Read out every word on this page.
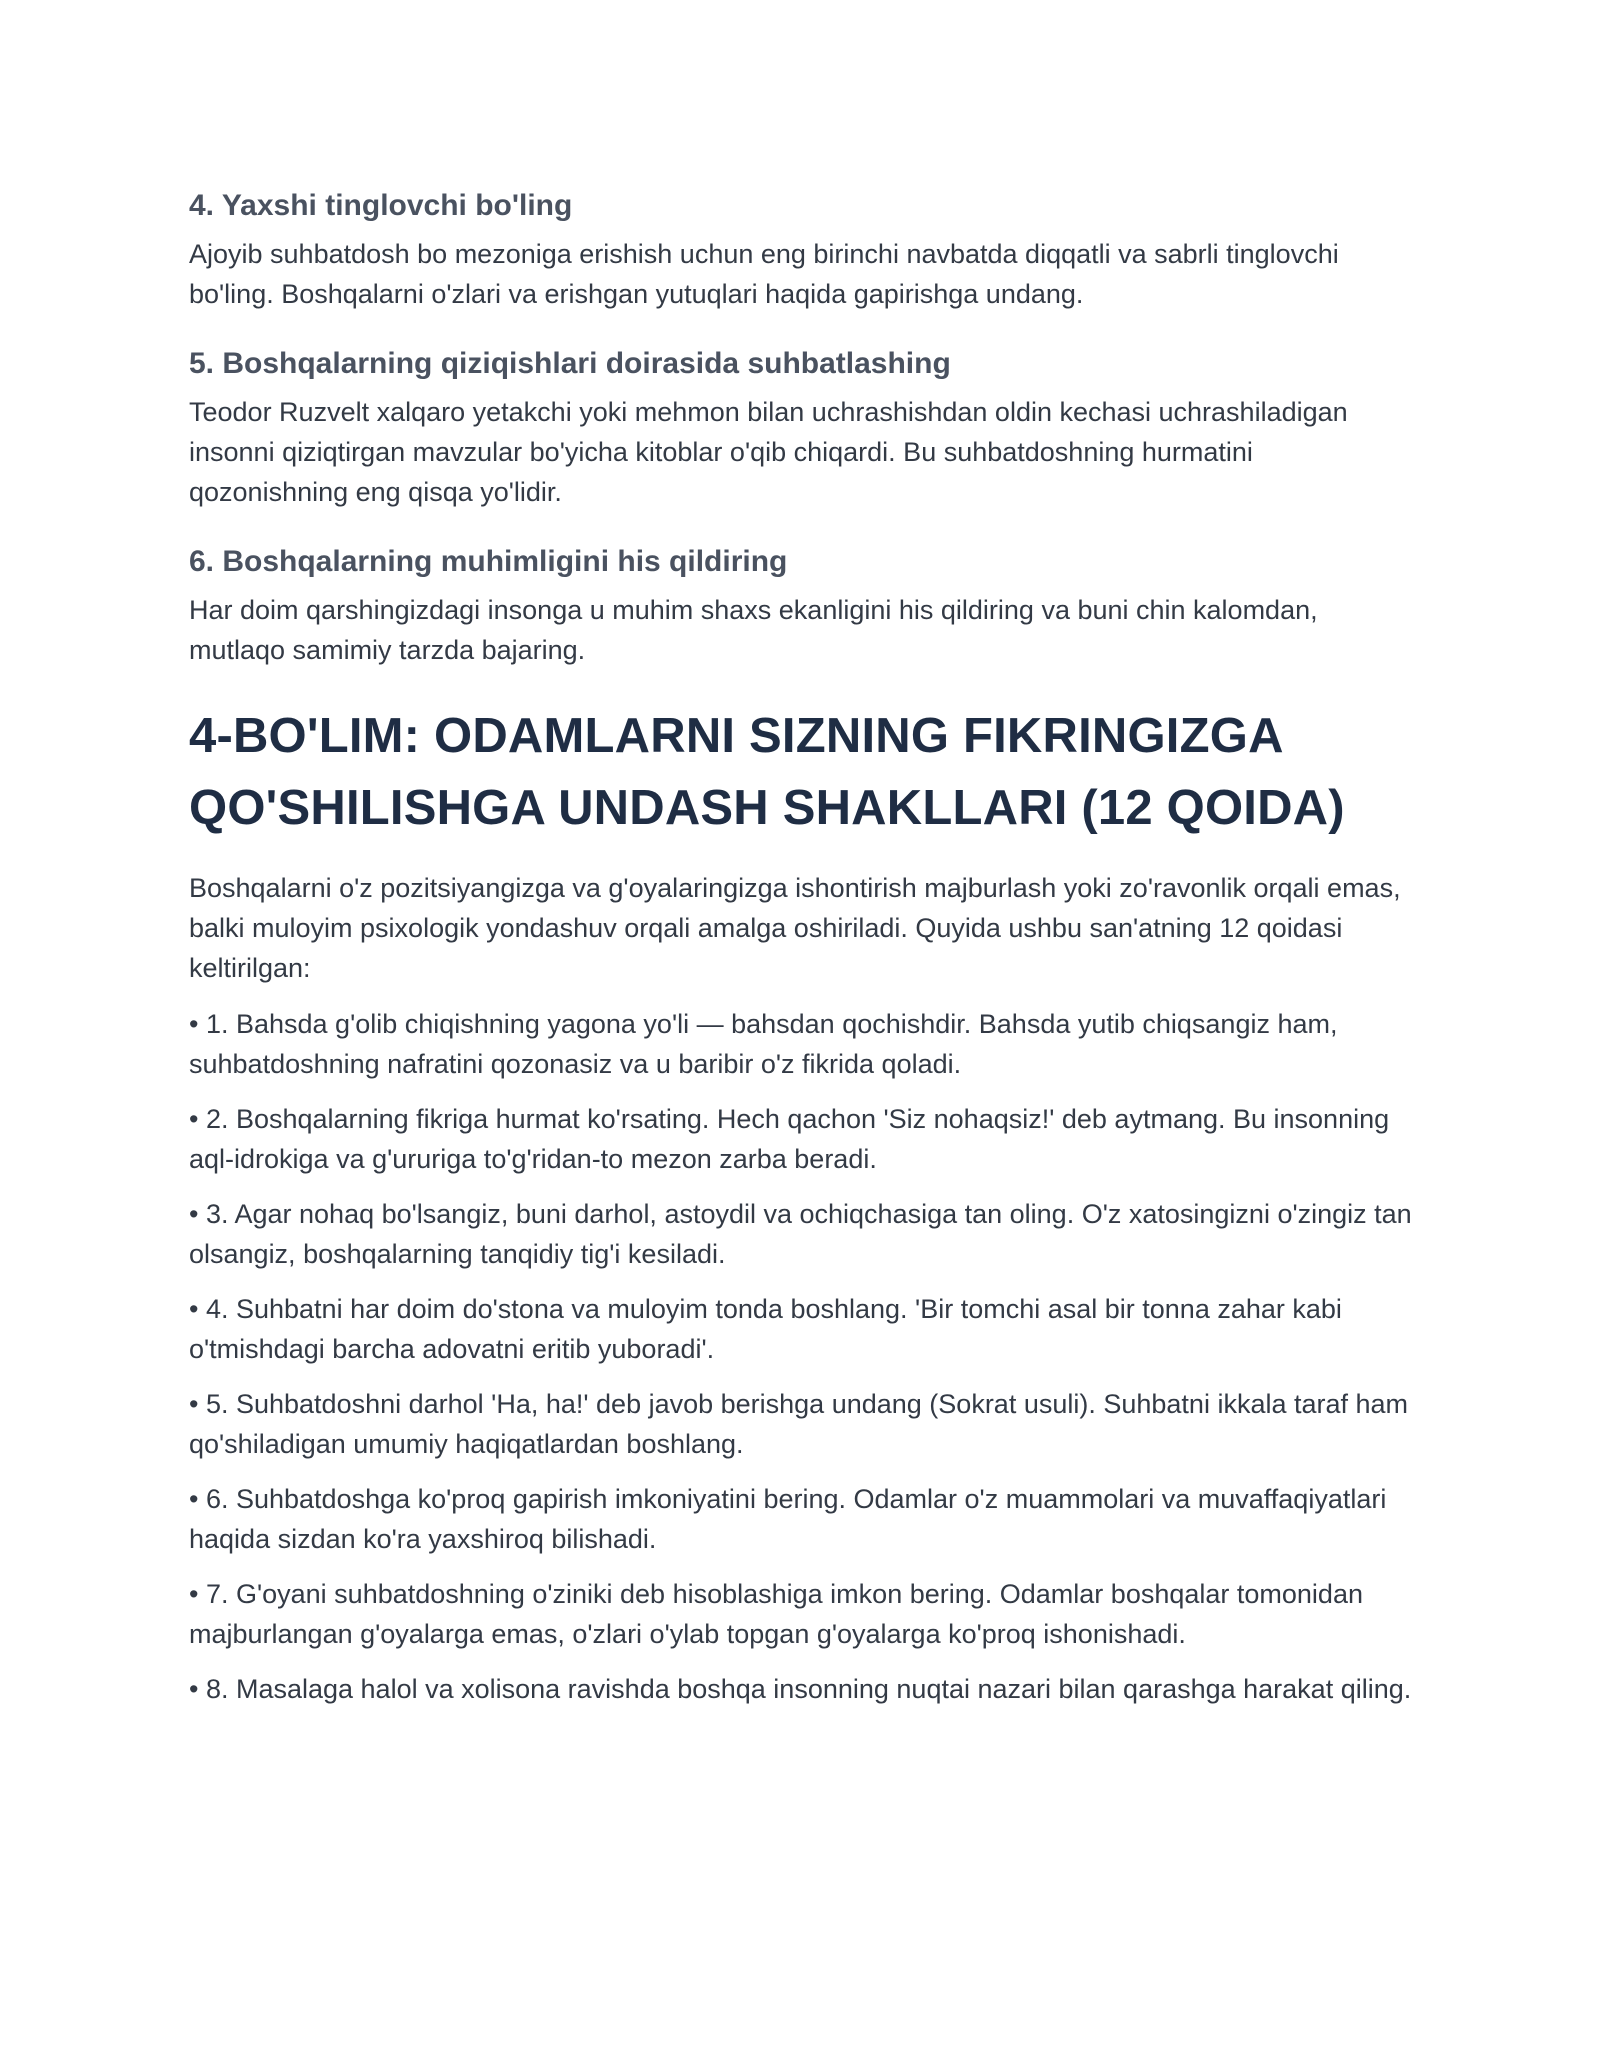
4. Yaxshi tinglovchi bo'ling

Ajoyib suhbatdosh bo mezoniga erishish uchun eng birinchi navbatda diqqatli va sabrli tinglovchi bo'ling. Boshqalarni o'zlari va erishgan yutuqlari haqida gapirishga undang.

5. Boshqalarning qiziqishlari doirasida suhbatlashing

Teodor Ruzvelt xalqaro yetakchi yoki mehmon bilan uchrashishdan oldin kechasi uchrashiladigan insonni qiziqtirgan mavzular bo'yicha kitoblar o'qib chiqardi. Bu suhbatdoshning hurmatini qozonishning eng qisqa yo'lidir.

6. Boshqalarning muhimligini his qildiring

Har doim qarshingizdagi insonga u muhim shaxs ekanligini his qildiring va buni chin kalomdan, mutlaqo samimiy tarzda bajaring.

4-BO'LIM: ODAMLARNI SIZNING FIKRINGIZGA QO'SHILISHGA UNDASH SHAKLLARI (12 QOIDA)

Boshqalarni o'z pozitsiyangizga va g'oyalaringizga ishontirish majburlash yoki zo'ravonlik orqali emas, balki muloyim psixologik yondashuv orqali amalga oshiriladi. Quyida ushbu san'atning 12 qoidasi keltirilgan:

• 1. Bahsda g'olib chiqishning yagona yo'li — bahsdan qochishdir. Bahsda yutib chiqsangiz ham, suhbatdoshning nafratini qozonasiz va u baribir o'z fikrida qoladi.

• 2. Boshqalarning fikriga hurmat ko'rsating. Hech qachon 'Siz nohaqsiz!' deb aytmang. Bu insonning aql-idrokiga va g'ururiga to'g'ridan-to mezon zarba beradi.

• 3. Agar nohaq bo'lsangiz, buni darhol, astoydil va ochiqchasiga tan oling. O'z xatosingizni o'zingiz tan olsangiz, boshqalarning tanqidiy tig'i kesiladi.

• 4. Suhbatni har doim do'stona va muloyim tonda boshlang. 'Bir tomchi asal bir tonna zahar kabi o'tmishdagi barcha adovatni eritib yuboradi'.

• 5. Suhbatdoshni darhol 'Ha, ha!' deb javob berishga undang (Sokrat usuli). Suhbatni ikkala taraf ham qo'shiladigan umumiy haqiqatlardan boshlang.

• 6. Suhbatdoshga ko'proq gapirish imkoniyatini bering. Odamlar o'z muammolari va muvaffaqiyatlari haqida sizdan ko'ra yaxshiroq bilishadi.

• 7. G'oyani suhbatdoshning o'ziniki deb hisoblashiga imkon bering. Odamlar boshqalar tomonidan majburlangan g'oyalarga emas, o'zlari o'ylab topgan g'oyalarga ko'proq ishonishadi.

• 8. Masalaga halol va xolisona ravishda boshqa insonning nuqtai nazari bilan qarashga harakat qiling.
